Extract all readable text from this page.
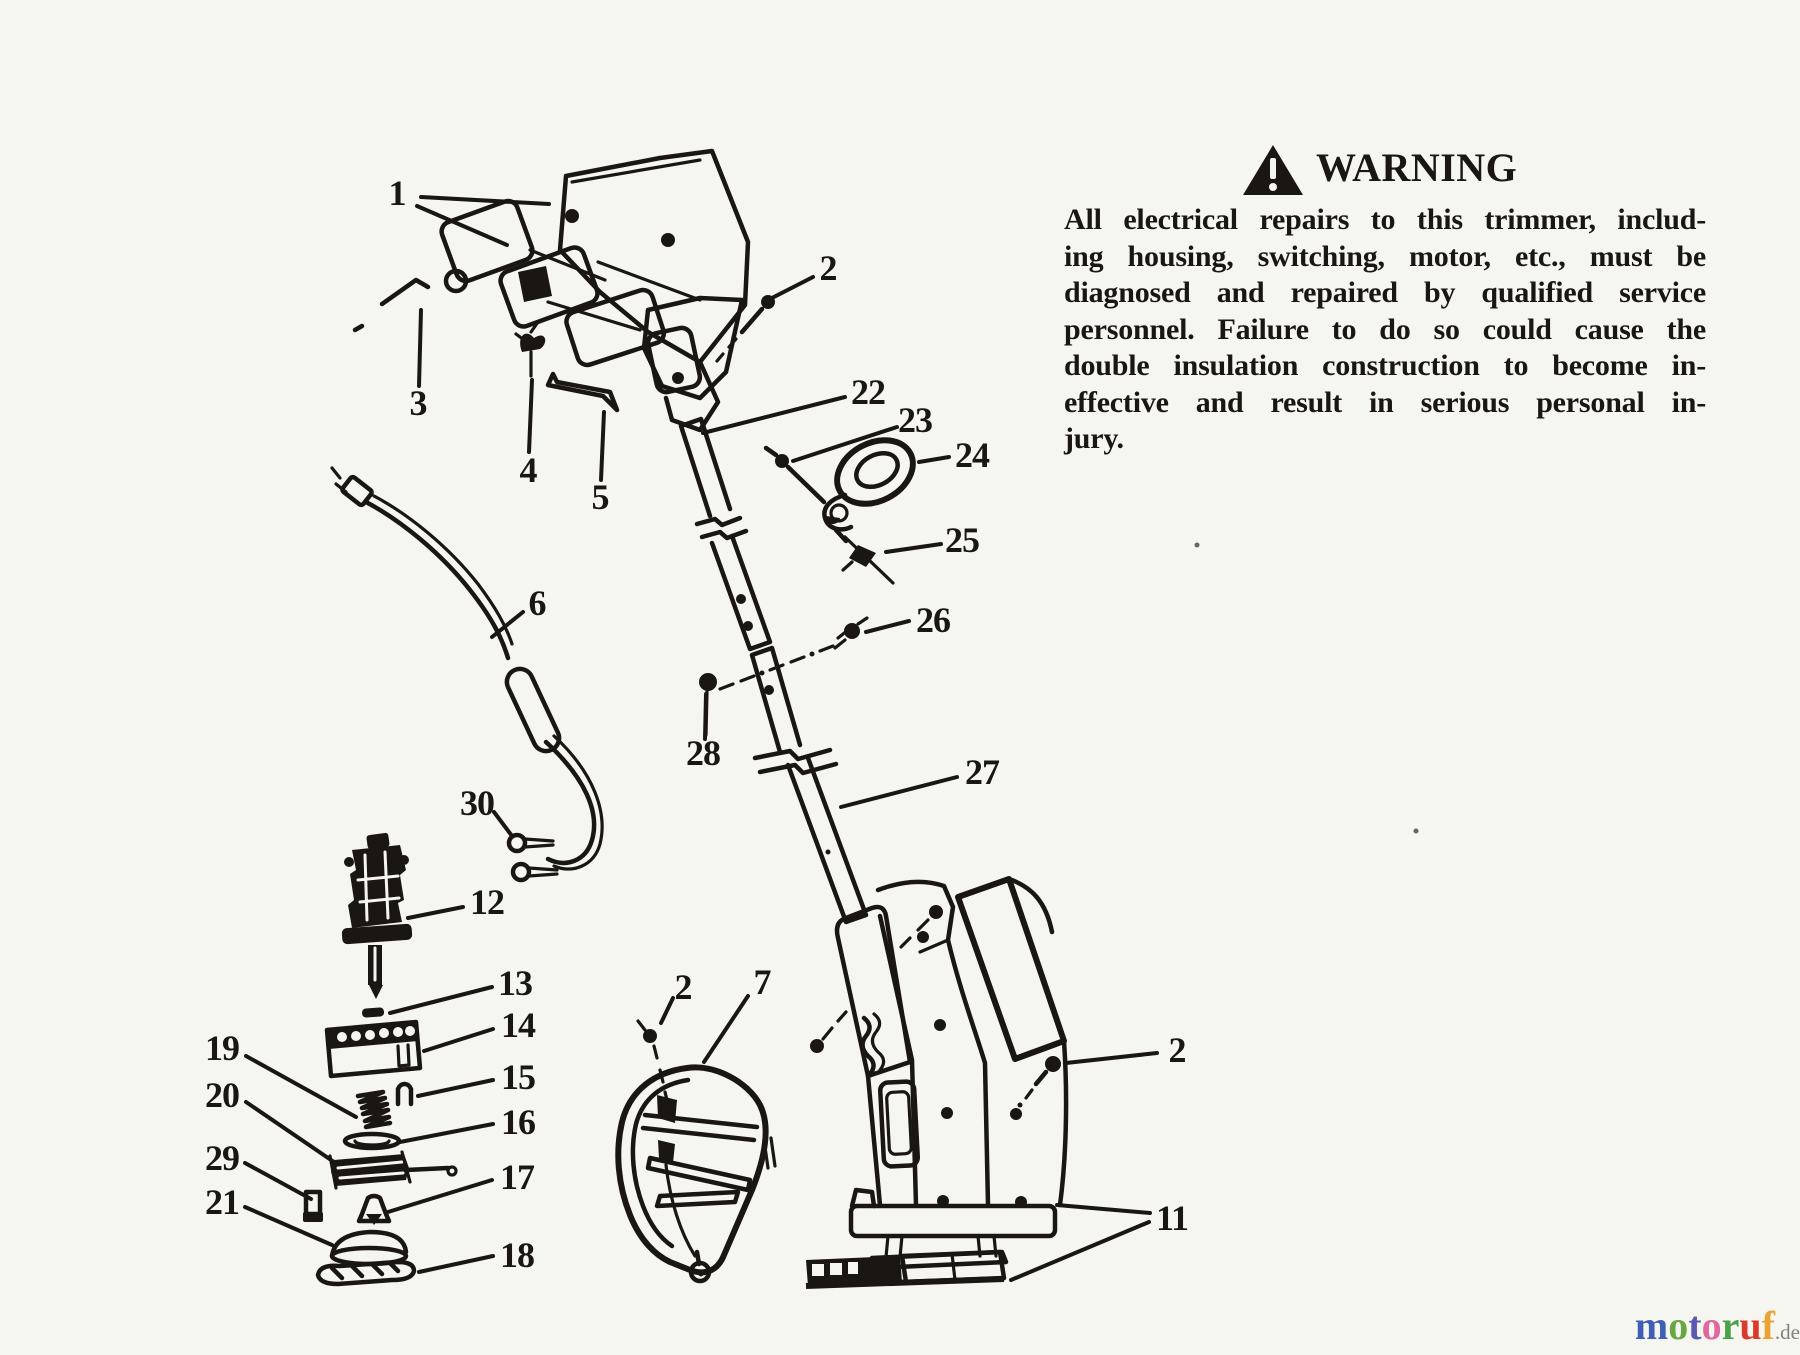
1
2
3
4
5
22
23
24
25
26
6
28	27
30
12
13
14
19
15
20
16
29	17
21
18
2 7
2
11
WARNING
All electrical repairs to this trimmer, includ-
ing housing, switching, motor, etc., must be
diagnosed and repaired by qualified service
personnel. Failure to do so could cause the
double insulation construction to become in-
effective and result in serious personal in-
jury.
motoruf.de
